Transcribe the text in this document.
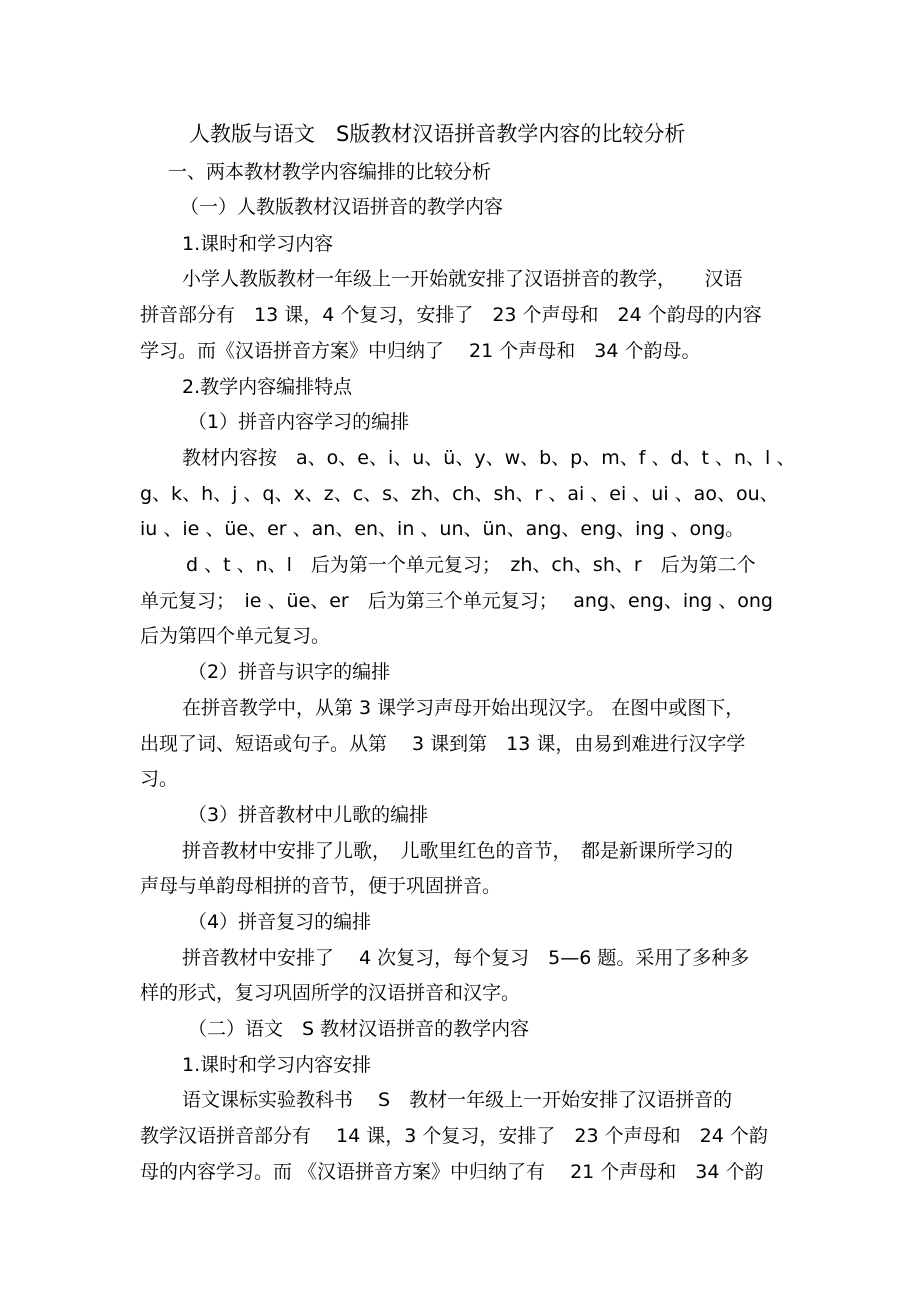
人教版与语文　S版教材汉语拼音教学内容的比较分析
一、两本教材教学内容编排的比较分析
（一）人教版教材汉语拼音的教学内容
1.课时和学习内容
小学人教版教材一年级上一开始就安排了汉语拼音的教学，　　汉语
拼音部分有　13 课，4 个复习，安排了　23 个声母和　24 个韵母的内容
学习。而《汉语拼音方案》中归纳了　 21 个声母和　34 个韵母。
2.教学内容编排特点
（1）拼音内容学习的编排
教材内容按　a、o、e、i、u、ü、y、w、b、p、m、f 、d、t 、n、l 、
g、k、h、j 、q、x、z、c、s、zh、ch、sh、r 、ai 、ei 、ui 、ao、ou、
iu 、ie 、üe、er 、an、en、in 、un、ün、ang、eng、ing 、ong。
d 、t 、n、l　后为第一个单元复习；　zh、ch、sh、r　后为第二个
单元复习；　ie 、üe、er　后为第三个单元复习；　 ang、eng、ing 、ong
后为第四个单元复习。
（2）拼音与识字的编排
在拼音教学中，从第 3 课学习声母开始出现汉字。 在图中或图下，
出现了词、短语或句子。从第　 3 课到第　13 课，由易到难进行汉字学
习。
（3）拼音教材中儿歌的编排
拼音教材中安排了儿歌，　儿歌里红色的音节，　都是新课所学习的
声母与单韵母相拼的音节，便于巩固拼音。
（4）拼音复习的编排
拼音教材中安排了　 4 次复习，每个复习　5—6 题。采用了多种多
样的形式，复习巩固所学的汉语拼音和汉字。
（二）语文　S 教材汉语拼音的教学内容
1.课时和学习内容安排
语文课标实验教科书　 S　教材一年级上一开始安排了汉语拼音的
教学汉语拼音部分有　 14 课，3 个复习，安排了　23 个声母和　24 个韵
母的内容学习。而 《汉语拼音方案》中归纳了有　 21 个声母和　34 个韵
